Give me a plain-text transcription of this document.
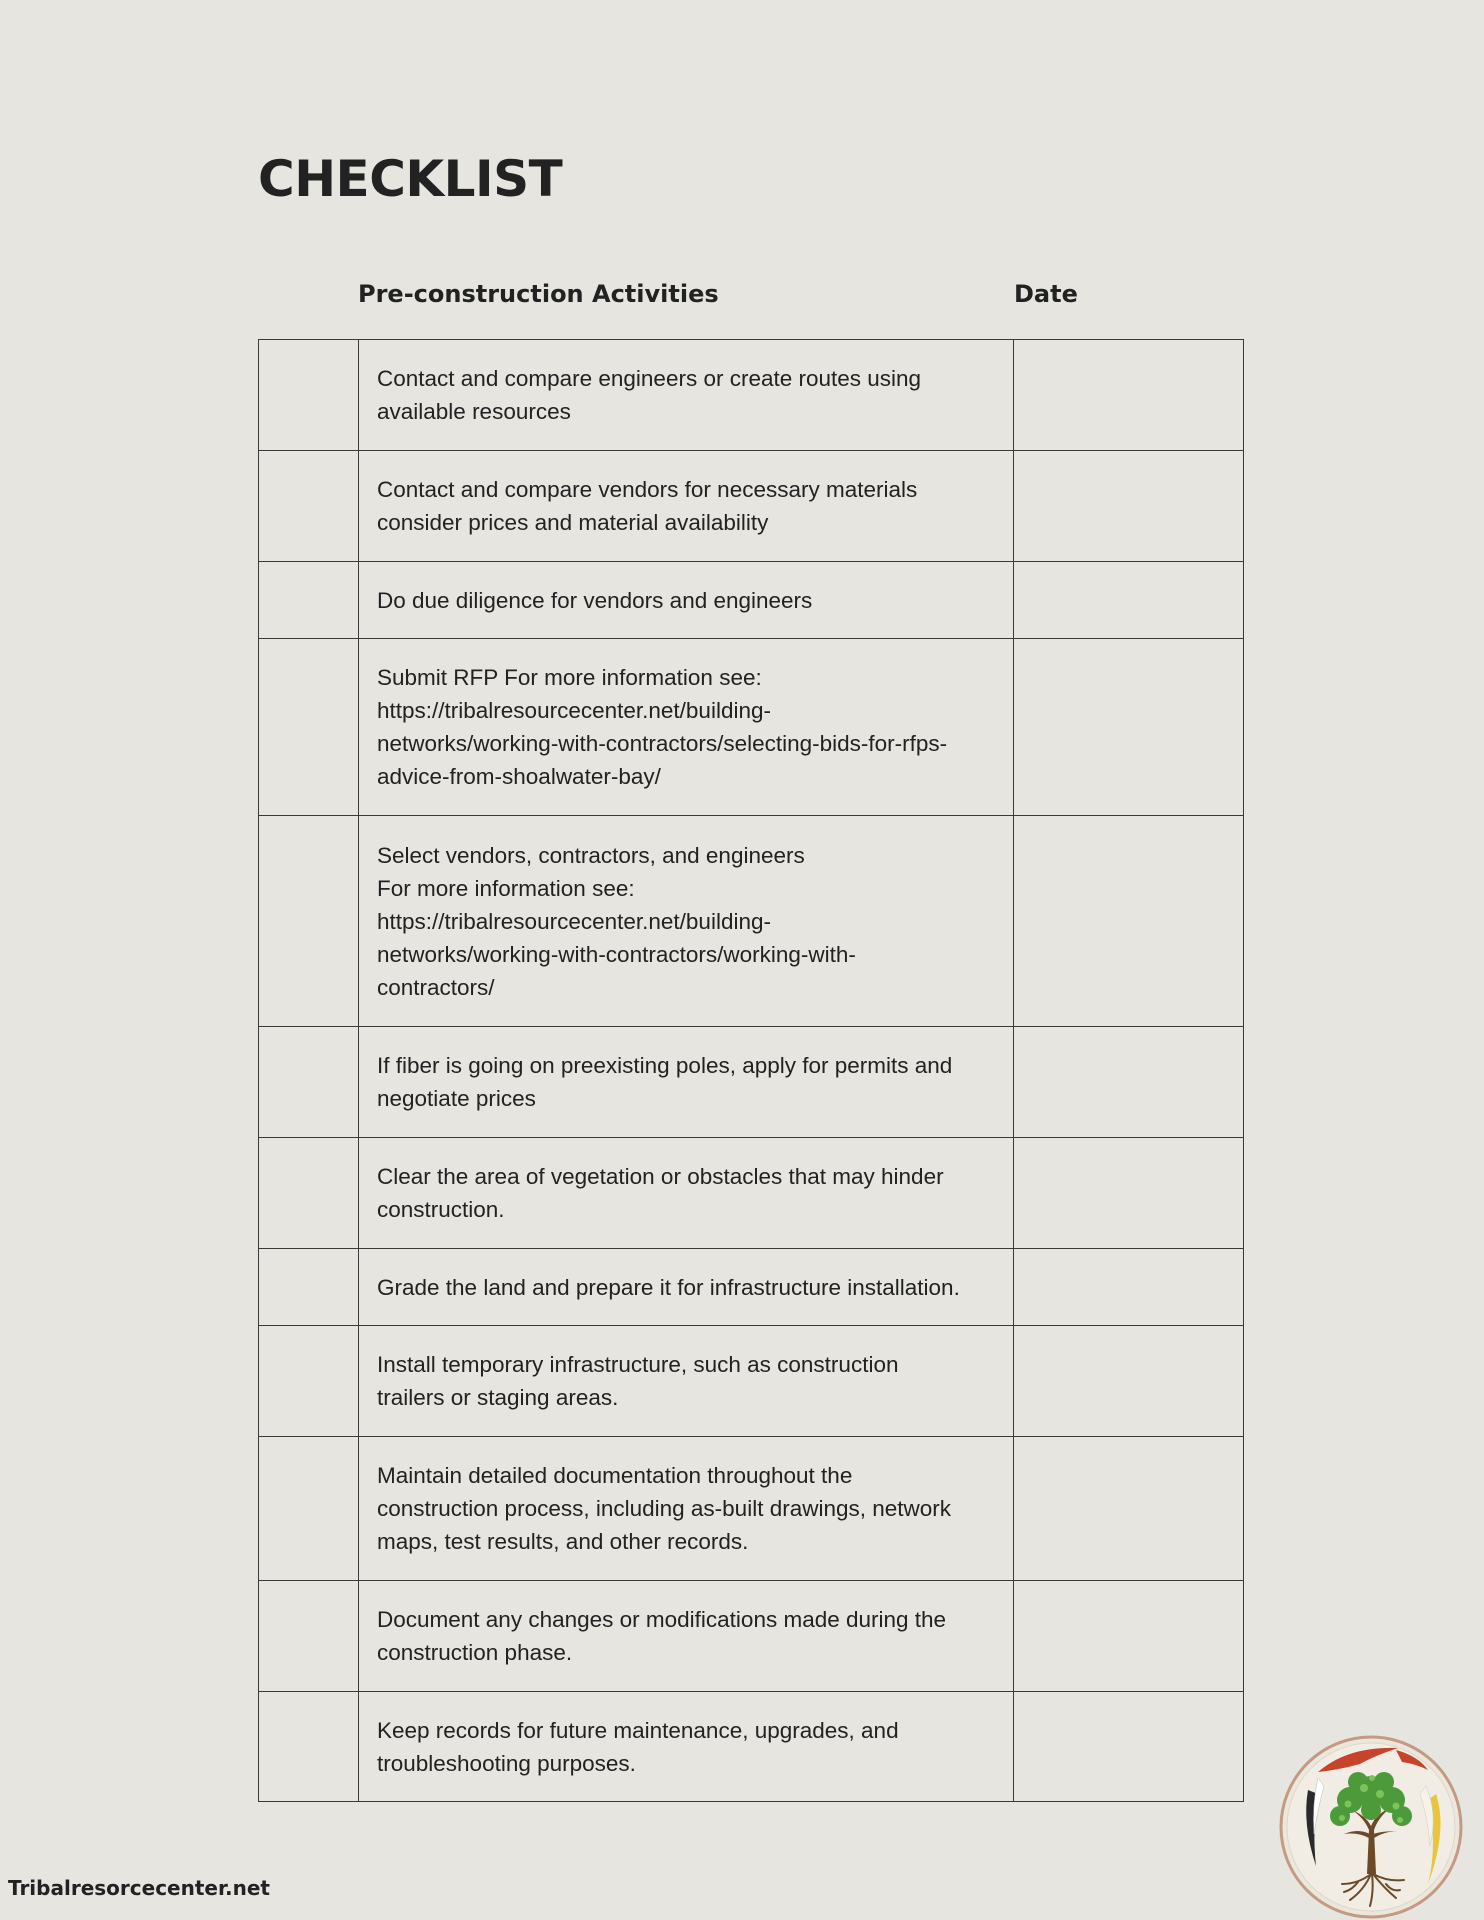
CHECKLIST
Pre-construction Activities	Date
	Contact and compare engineers or create routes using
available resources	
	Contact and compare vendors for necessary materials
consider prices and material availability	
	Do due diligence for vendors and engineers	
	Submit RFP For more information see:
https://tribalresourcecenter.net/building-
networks/working-with-contractors/selecting-bids-for-rfps-
advice-from-shoalwater-bay/	
	Select vendors, contractors, and engineers
For more information see:
https://tribalresourcecenter.net/building-
networks/working-with-contractors/working-with-
contractors/	
	If fiber is going on preexisting poles, apply for permits and
negotiate prices	
	Clear the area of vegetation or obstacles that may hinder
construction.	
	Grade the land and prepare it for infrastructure installation.	
	Install temporary infrastructure, such as construction
trailers or staging areas.	
	Maintain detailed documentation throughout the
construction process, including as-built drawings, network
maps, test results, and other records.	
	Document any changes or modifications made during the
construction phase.	
	Keep records for future maintenance, upgrades, and
troubleshooting purposes.	
Tribalresorcecenter.net
